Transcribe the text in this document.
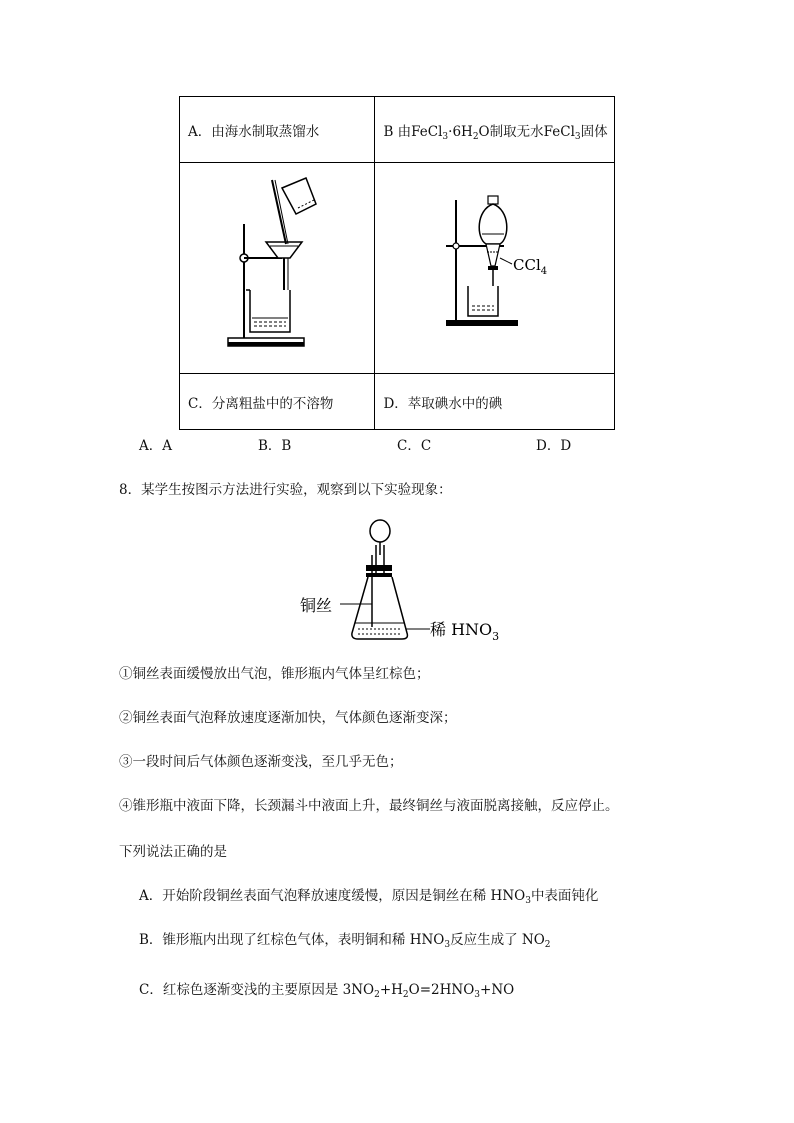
A．由海水制取蒸馏水	B 由$FeCl_3\cdot 6H_2O$制取无水FeCl$_3$固体

C．分离粗盐中的不溶物	D．萃取碘水中的碘
CCl$_4$
A．A	B．B	C．C	D．D
8．某学生按图示方法进行实验，观察到以下实验现象：
铜丝
稀 $HNO_3$
①铜丝表面缓慢放出气泡，锥形瓶内气体呈红棕色；
②铜丝表面气泡释放速度逐渐加快，气体颜色逐渐变深；
③一段时间后气体颜色逐渐变浅，至几乎无色；
④锥形瓶中液面下降，长颈漏斗中液面上升，最终铜丝与液面脱离接触，反应停止。
下列说法正确的是
A．开始阶段铜丝表面气泡释放速度缓慢，原因是铜丝在稀 $HNO_3$中表面钝化
B．锥形瓶内出现了红棕色气体，表明铜和稀 $HNO_3$反应生成了 $NO_2$
C．红棕色逐渐变浅的主要原因是 $3NO_2+H_2O=2HNO_3+NO$
